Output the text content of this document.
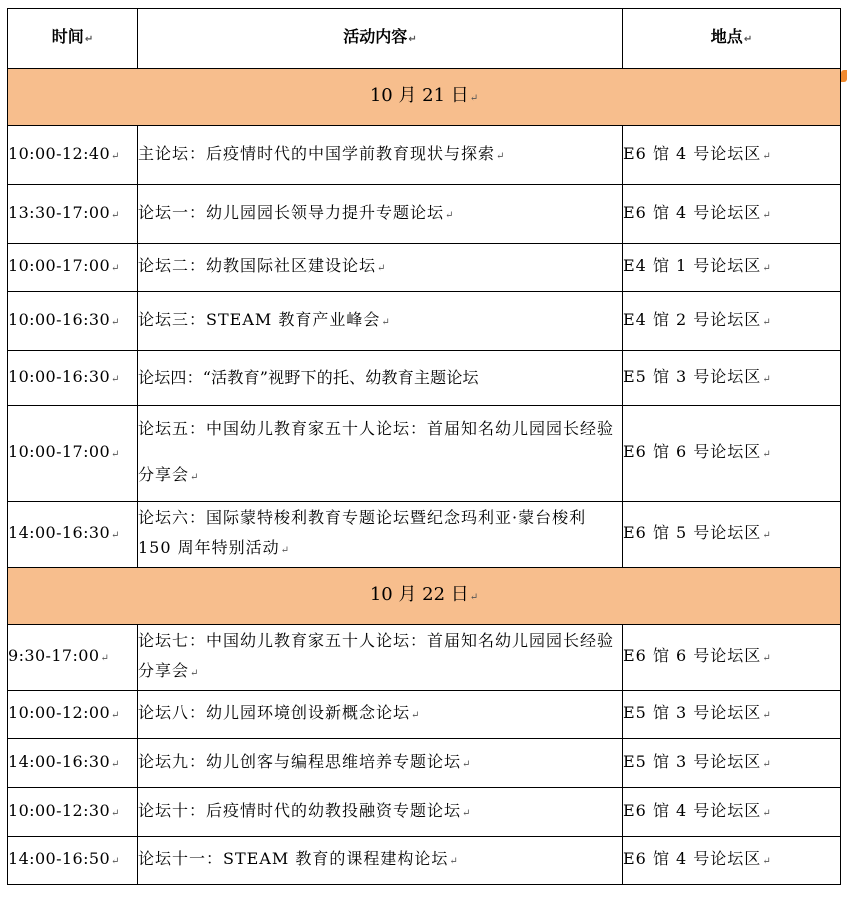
时间↵	活动内容↵	地点↵
10 月 21 日↵		
10:00-12:40↵	主论坛：后疫情时代的中国学前教育现状与探索↵	E6 馆 4 号论坛区↵
13:30-17:00↵	论坛一：幼儿园园长领导力提升专题论坛↵	E6 馆 4 号论坛区↵
10:00-17:00↵	论坛二：幼教国际社区建设论坛↵	E4 馆 1 号论坛区↵
10:00-16:30↵	论坛三：STEAM 教育产业峰会↵	E4 馆 2 号论坛区↵
10:00-16:30↵	论坛四：“活教育”视野下的托、幼教育主题论坛	E5 馆 3 号论坛区↵
10:00-17:00↵	论坛五：中国幼儿教育家五十人论坛：首届知名幼儿园园长经验分享会↵	E6 馆 6 号论坛区↵
14:00-16:30↵	论坛六：国际蒙特梭利教育专题论坛暨纪念玛利亚·蒙台梭利 150 周年特别活动↵	E6 馆 5 号论坛区↵
10 月 22 日↵		
9:30-17:00↵	论坛七：中国幼儿教育家五十人论坛：首届知名幼儿园园长经验分享会↵	E6 馆 6 号论坛区↵
10:00-12:00↵	论坛八：幼儿园环境创设新概念论坛↵	E5 馆 3 号论坛区↵
14:00-16:30↵	论坛九：幼儿创客与编程思维培养专题论坛↵	E5 馆 3 号论坛区↵
10:00-12:30↵	论坛十：后疫情时代的幼教投融资专题论坛↵	E6 馆 4 号论坛区↵
14:00-16:50↵	论坛十一：STEAM 教育的课程建构论坛↵	E6 馆 4 号论坛区↵
